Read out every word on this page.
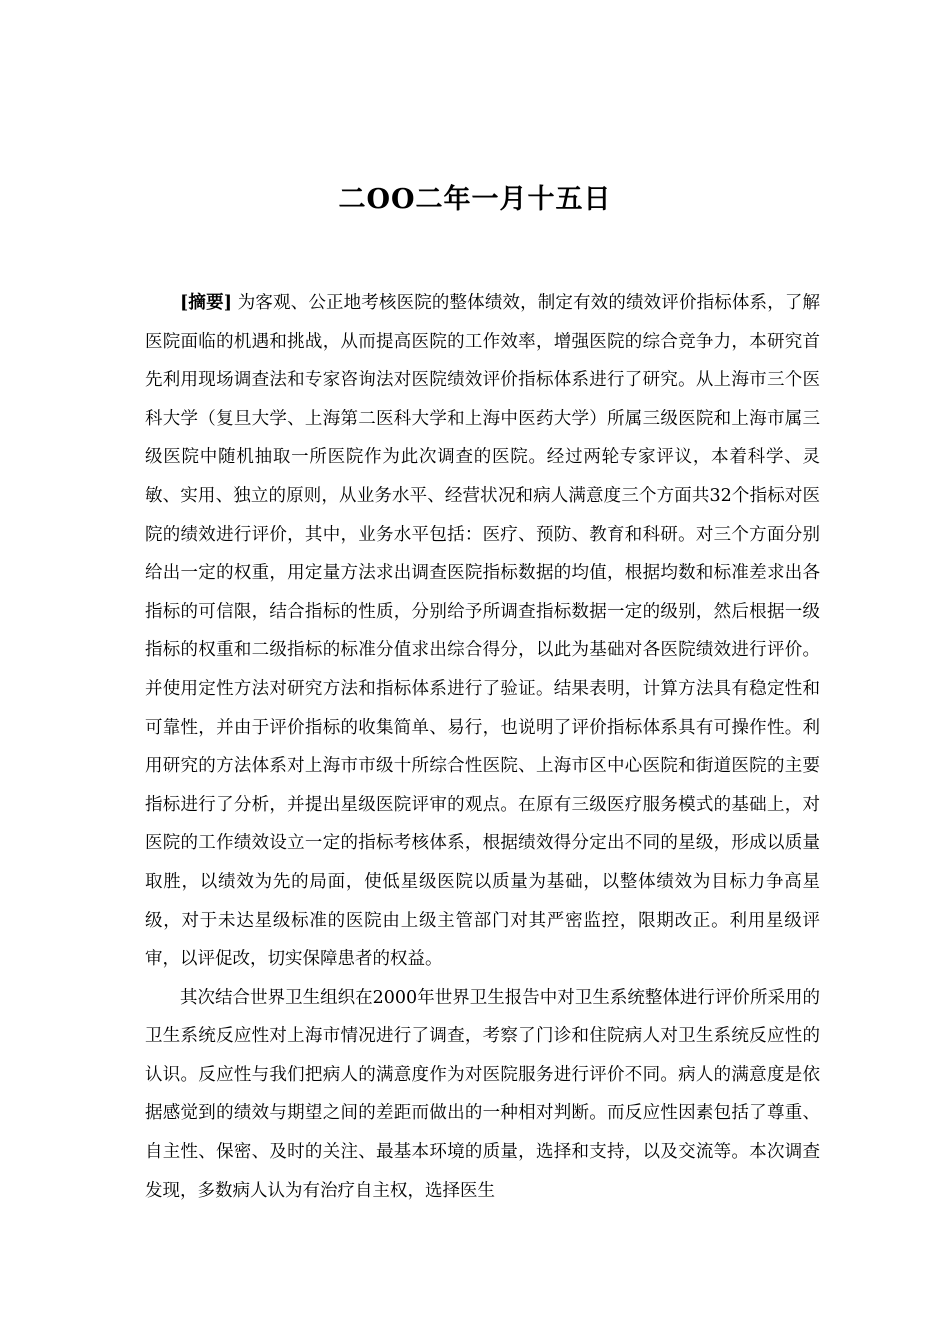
二OO二年一月十五日

[摘要] 为客观、公正地考核医院的整体绩效，制定有效的绩效评价指标体系，了解医院面临的机遇和挑战，从而提高医院的工作效率，增强医院的综合竞争力，本研究首先利用现场调查法和专家咨询法对医院绩效评价指标体系进行了研究。从上海市三个医科大学（复旦大学、上海第二医科大学和上海中医药大学）所属三级医院和上海市属三级医院中随机抽取一所医院作为此次调查的医院。经过两轮专家评议，本着科学、灵敏、实用、独立的原则，从业务水平、经营状况和病人满意度三个方面共32个指标对医院的绩效进行评价，其中，业务水平包括：医疗、预防、教育和科研。对三个方面分别给出一定的权重，用定量方法求出调查医院指标数据的均值，根据均数和标准差求出各指标的可信限，结合指标的性质，分别给予所调查指标数据一定的级别，然后根据一级指标的权重和二级指标的标准分值求出综合得分，以此为基础对各医院绩效进行评价。并使用定性方法对研究方法和指标体系进行了验证。结果表明，计算方法具有稳定性和可靠性，并由于评价指标的收集简单、易行，也说明了评价指标体系具有可操作性。利用研究的方法体系对上海市市级十所综合性医院、上海市区中心医院和街道医院的主要指标进行了分析，并提出星级医院评审的观点。在原有三级医疗服务模式的基础上，对医院的工作绩效设立一定的指标考核体系，根据绩效得分定出不同的星级，形成以质量取胜，以绩效为先的局面，使低星级医院以质量为基础，以整体绩效为目标力争高星级，对于未达星级标准的医院由上级主管部门对其严密监控，限期改正。利用星级评审，以评促改，切实保障患者的权益。

其次结合世界卫生组织在2000年世界卫生报告中对卫生系统整体进行评价所采用的卫生系统反应性对上海市情况进行了调查，考察了门诊和住院病人对卫生系统反应性的认识。反应性与我们把病人的满意度作为对医院服务进行评价不同。病人的满意度是依据感觉到的绩效与期望之间的差距而做出的一种相对判断。而反应性因素包括了尊重、自主性、保密、及时的关注、最基本环境的质量，选择和支持，以及交流等。本次调查发现，多数病人认为有治疗自主权，选择医生
